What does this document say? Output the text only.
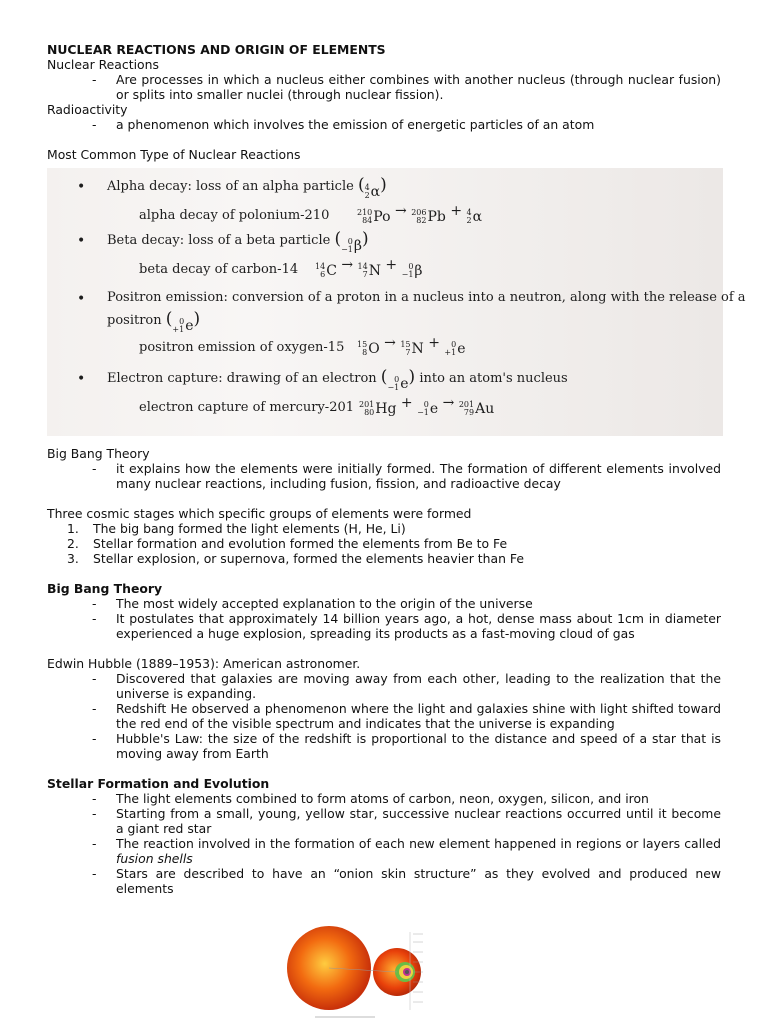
NUCLEAR REACTIONS AND ORIGIN OF ELEMENTS

Nuclear Reactions

-	Are processes in which a nucleus either combines with another nucleus (through nuclear fusion) or splits into smaller nuclei (through nuclear fission).

Radioactivity

-	a phenomenon which involves the emission of energetic particles of an atom

Most Common Type of Nuclear Reactions

• Alpha decay: loss of an alpha particle ( 4
2 α )
alpha decay of polonium-210	210
84 Po → 206
82 Pb + 4
2 α
• Beta decay: loss of a beta particle ( 0
−1 β )
beta decay of carbon-14 14
6 C → 14
7 N + 0
−1 β
• Positron emission: conversion of a proton in a nucleus into a neutron, along with the release of a
positron ( 0
+1 e )
positron emission of oxygen-15 15
8 O → 15
7 N + 0
+1 e
• Electron capture: drawing of an electron ( 0
−1 e ) into an atom's nucleus
electron capture of mercury-201 201
80 Hg + 0
−1 e → 201
79 Au

Big Bang Theory

-	it explains how the elements were initially formed. The formation of different elements involved many nuclear reactions, including fusion, fission, and radioactive decay

Three cosmic stages which specific groups of elements were formed

1.	The big bang formed the light elements (H, He, Li)
2.	Stellar formation and evolution formed the elements from Be to Fe
3.	Stellar explosion, or supernova, formed the elements heavier than Fe

Big Bang Theory

-	The most widely accepted explanation to the origin of the universe
-	It postulates that approximately 14 billion years ago, a hot, dense mass about 1cm in diameter experienced a huge explosion, spreading its products as a fast-moving cloud of gas

Edwin Hubble (1889–1953): American astronomer.

-	Discovered that galaxies are moving away from each other, leading to the realization that the universe is expanding.
-	Redshift He observed a phenomenon where the light and galaxies shine with light shifted toward the red end of the visible spectrum and indicates that the universe is expanding
-	Hubble's Law: the size of the redshift is proportional to the distance and speed of a star that is moving away from Earth

Stellar Formation and Evolution

-	The light elements combined to form atoms of carbon, neon, oxygen, silicon, and iron
-	Starting from a small, young, yellow star, successive nuclear reactions occurred until it become a giant red star
-	The reaction involved in the formation of each new element happened in regions or layers called fusion shells
-	Stars are described to have an “onion skin structure” as they evolved and produced new elements
